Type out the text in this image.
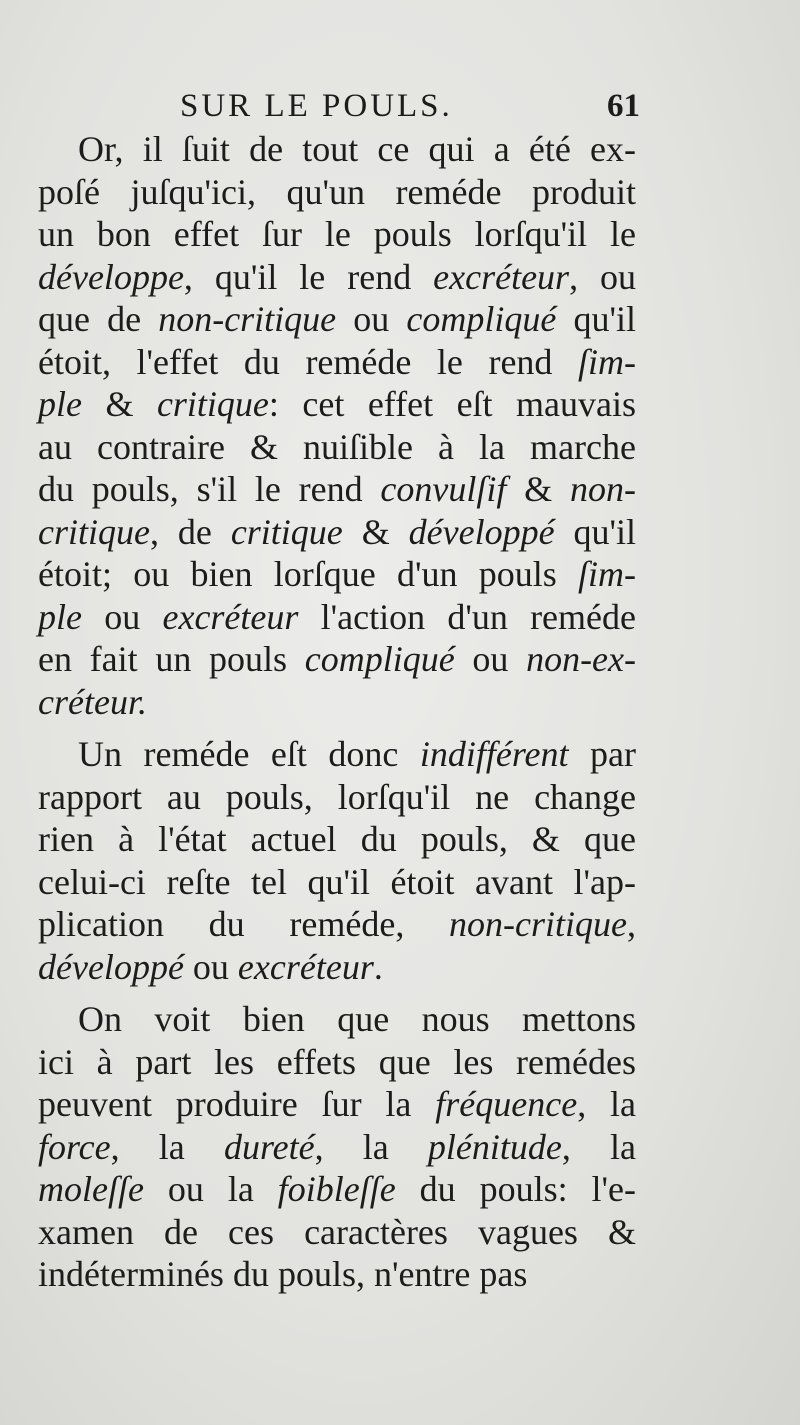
SUR LE POULS.	61
Or, il ſuit de tout ce qui a été ex-
poſé juſqu'ici, qu'un reméde produit
un bon effet ſur le pouls lorſqu'il le
développe, qu'il le rend excréteur, ou
que de non-critique ou compliqué qu'il
étoit, l'effet du reméde le rend ſim-
ple & critique: cet effet eſt mauvais
au contraire & nuiſible à la marche
du pouls, s'il le rend convulſif & non-
critique, de critique & développé qu'il
étoit; ou bien lorſque d'un pouls ſim-
ple ou excréteur l'action d'un reméde
en fait un pouls compliqué ou non-ex-
créteur.
Un reméde eſt donc indifférent par
rapport au pouls, lorſqu'il ne change
rien à l'état actuel du pouls, & que
celui-ci reſte tel qu'il étoit avant l'ap-
plication du reméde, non-critique,
développé ou excréteur.
On voit bien que nous mettons
ici à part les effets que les remédes
peuvent produire ſur la fréquence, la
force, la dureté, la plénitude, la
moleſſe ou la foibleſſe du pouls: l'e-
xamen de ces caractères vagues &
indéterminés du pouls, n'entre pas
